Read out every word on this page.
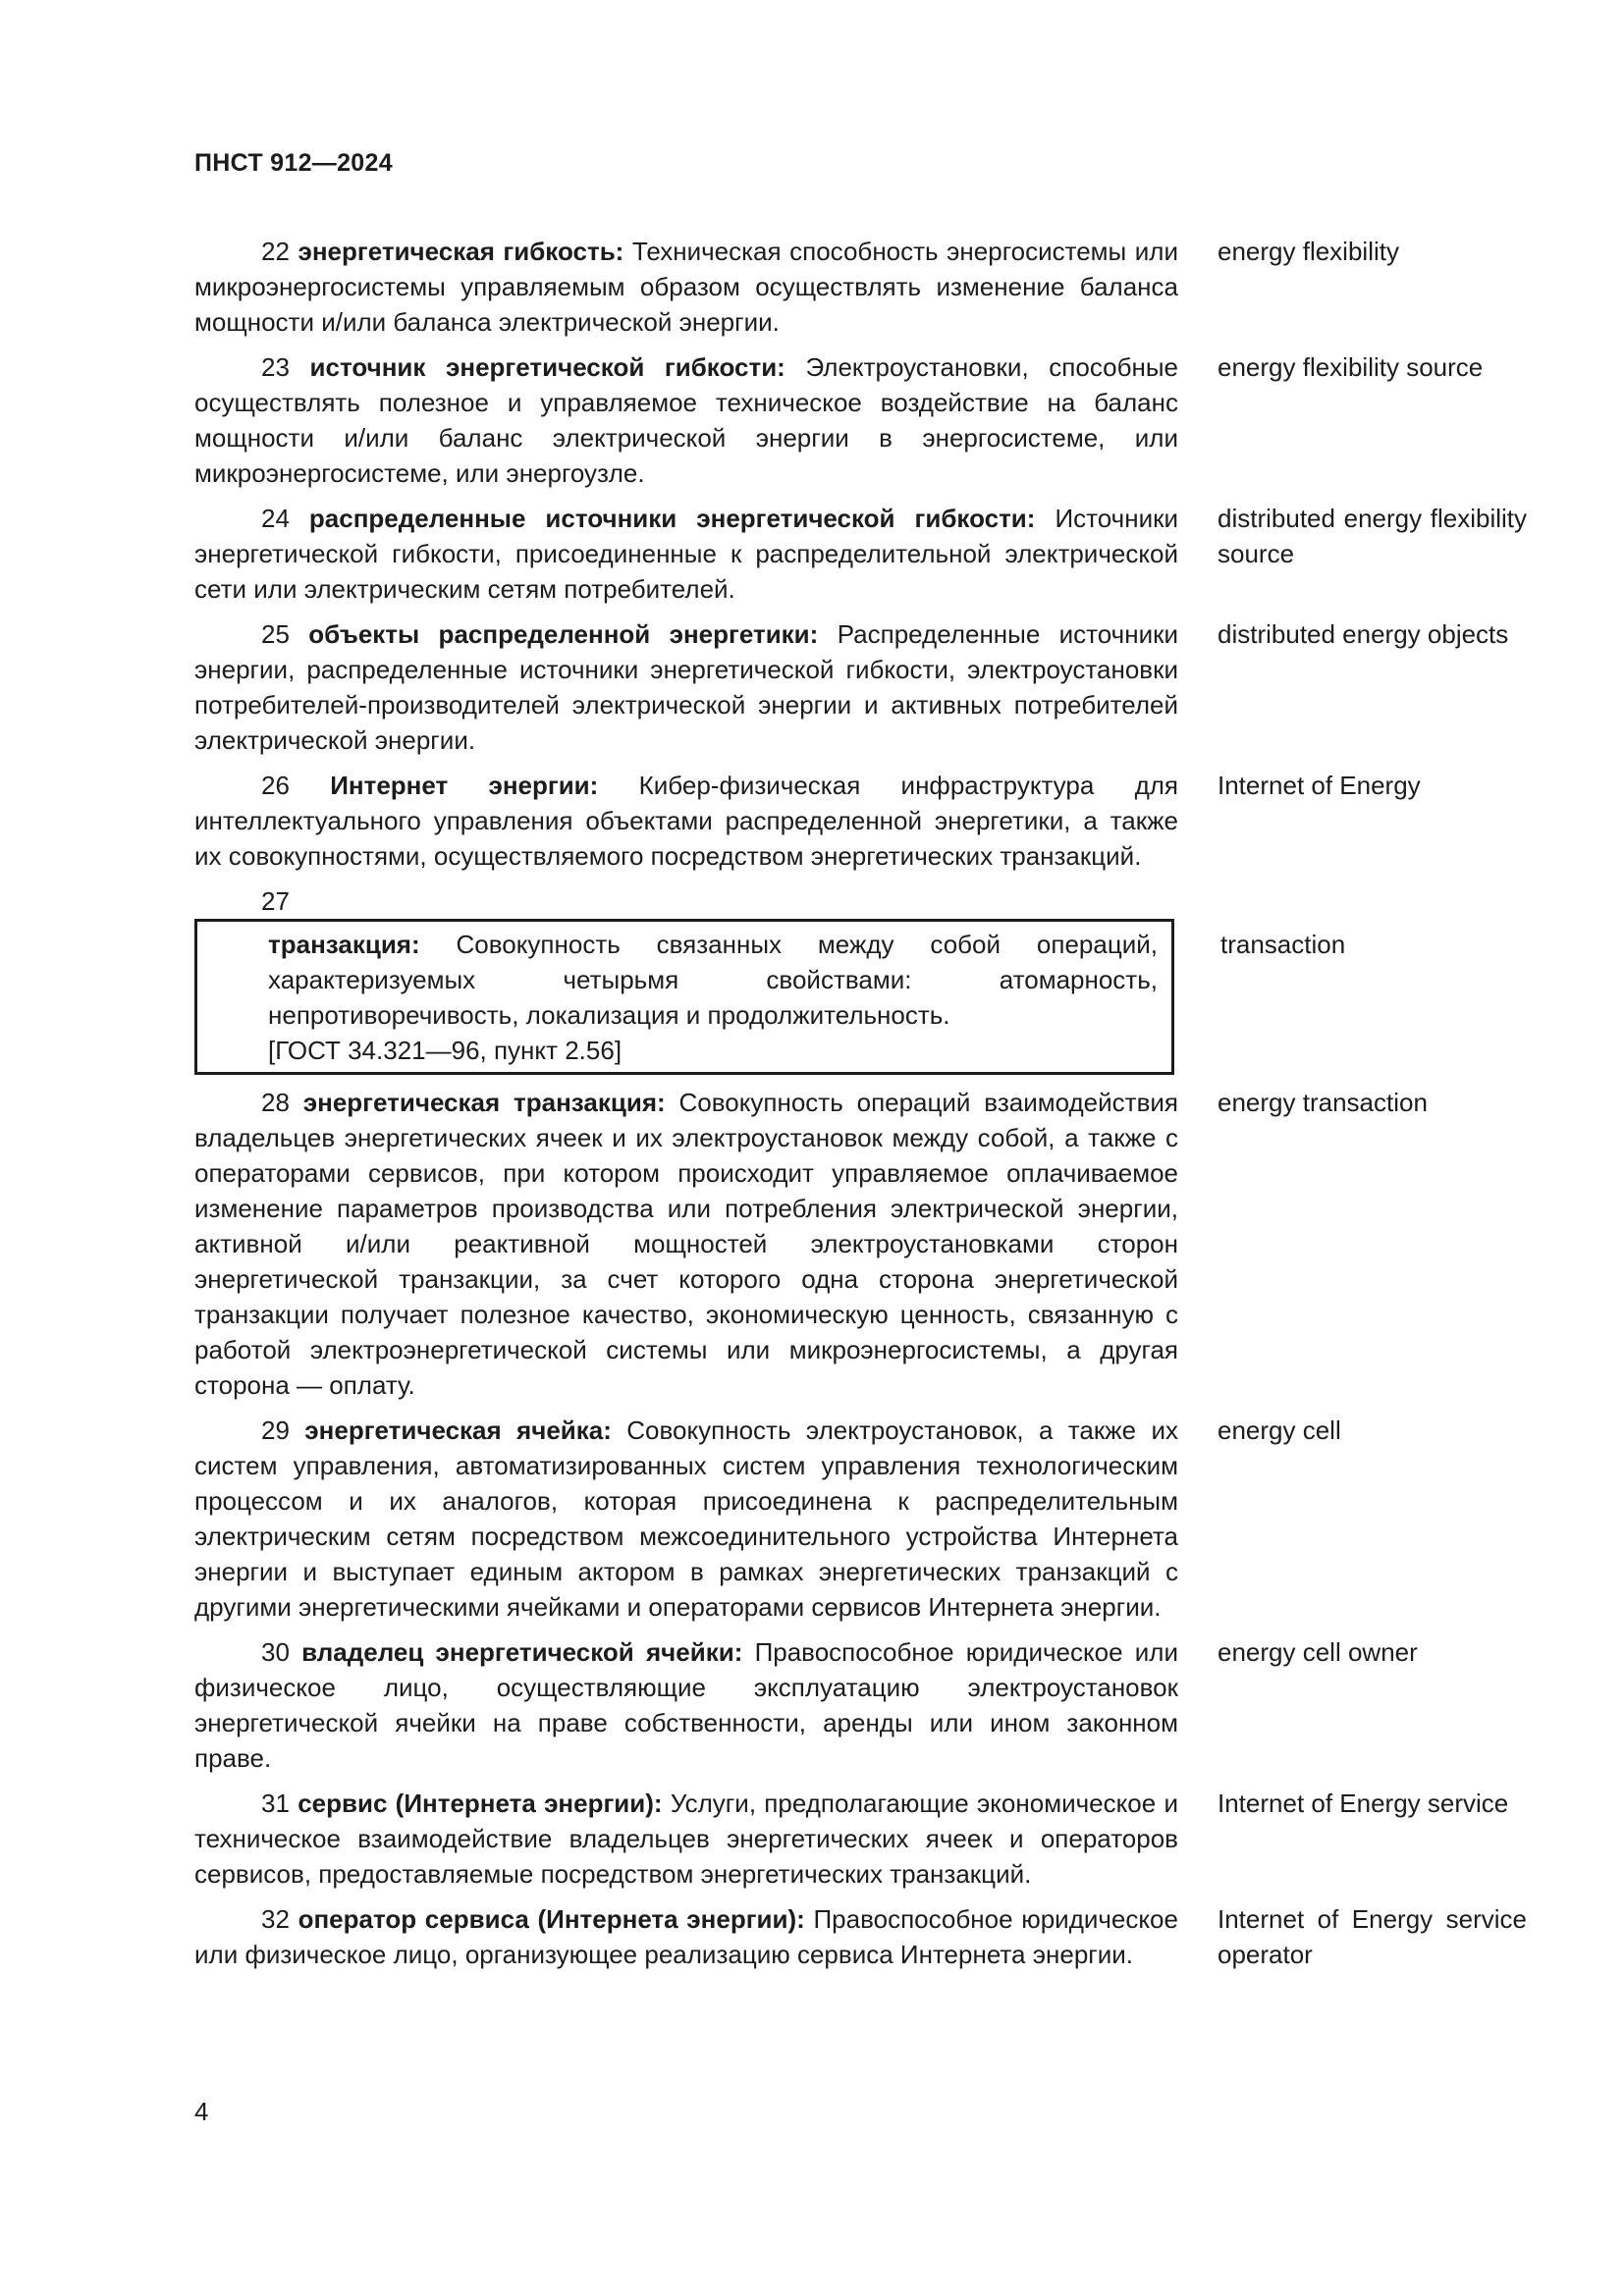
ПНСТ 912—2024
22 энергетическая гибкость: Техническая способность энергосистемы или микроэнергосистемы управляемым образом осуществлять изменение баланса мощности и/или баланса электрической энергии.
energy flexibility
23 источник энергетической гибкости: Электроустановки, способные осуществлять полезное и управляемое техническое воздействие на баланс мощности и/или баланс электрической энергии в энергосистеме, или микроэнергосистеме, или энергоузле.
energy flexibility source
24 распределенные источники энергетической гибкости: Источники энергетической гибкости, присоединенные к распределительной электрической сети или электрическим сетям потребителей.
distributed energy flexibility source
25 объекты распределенной энергетики: Распределенные источники энергии, распределенные источники энергетической гибкости, электроустановки потребителей-производителей электрической энергии и активных потребителей электрической энергии.
distributed energy objects
26 Интернет энергии: Кибер-физическая инфраструктура для интеллектуального управления объектами распределенной энергетики, а также их совокупностями, осуществляемого посредством энергетических транзакций.
Internet of Energy
27
транзакция: Совокупность связанных между собой операций, характеризуемых четырьмя свойствами: атомарность, непротиворечивость, локализация и продолжительность.
[ГОСТ 34.321—96, пункт 2.56]
transaction
28 энергетическая транзакция: Совокупность операций взаимодействия владельцев энергетических ячеек и их электроустановок между собой, а также с операторами сервисов, при котором происходит управляемое оплачиваемое изменение параметров производства или потребления электрической энергии, активной и/или реактивной мощностей электроустановками сторон энергетической транзакции, за счет которого одна сторона энергетической транзакции получает полезное качество, экономическую ценность, связанную с работой электроэнергетической системы или микроэнергосистемы, а другая сторона — оплату.
energy transaction
29 энергетическая ячейка: Совокупность электроустановок, а также их систем управления, автоматизированных систем управления технологическим процессом и их аналогов, которая присоединена к распределительным электрическим сетям посредством межсоединительного устройства Интернета энергии и выступает единым актором в рамках энергетических транзакций с другими энергетическими ячейками и операторами сервисов Интернета энергии.
energy cell
30 владелец энергетической ячейки: Правоспособное юридическое или физическое лицо, осуществляющие эксплуатацию электроустановок энергетической ячейки на праве собственности, аренды или ином законном праве.
energy cell owner
31 сервис (Интернета энергии): Услуги, предполагающие экономическое и техническое взаимодействие владельцев энергетических ячеек и операторов сервисов, предоставляемые посредством энергетических транзакций.
Internet of Energy service
32 оператор сервиса (Интернета энергии): Правоспособное юридическое или физическое лицо, организующее реализацию сервиса Интернета энергии.
Internet of Energy service operator
4
